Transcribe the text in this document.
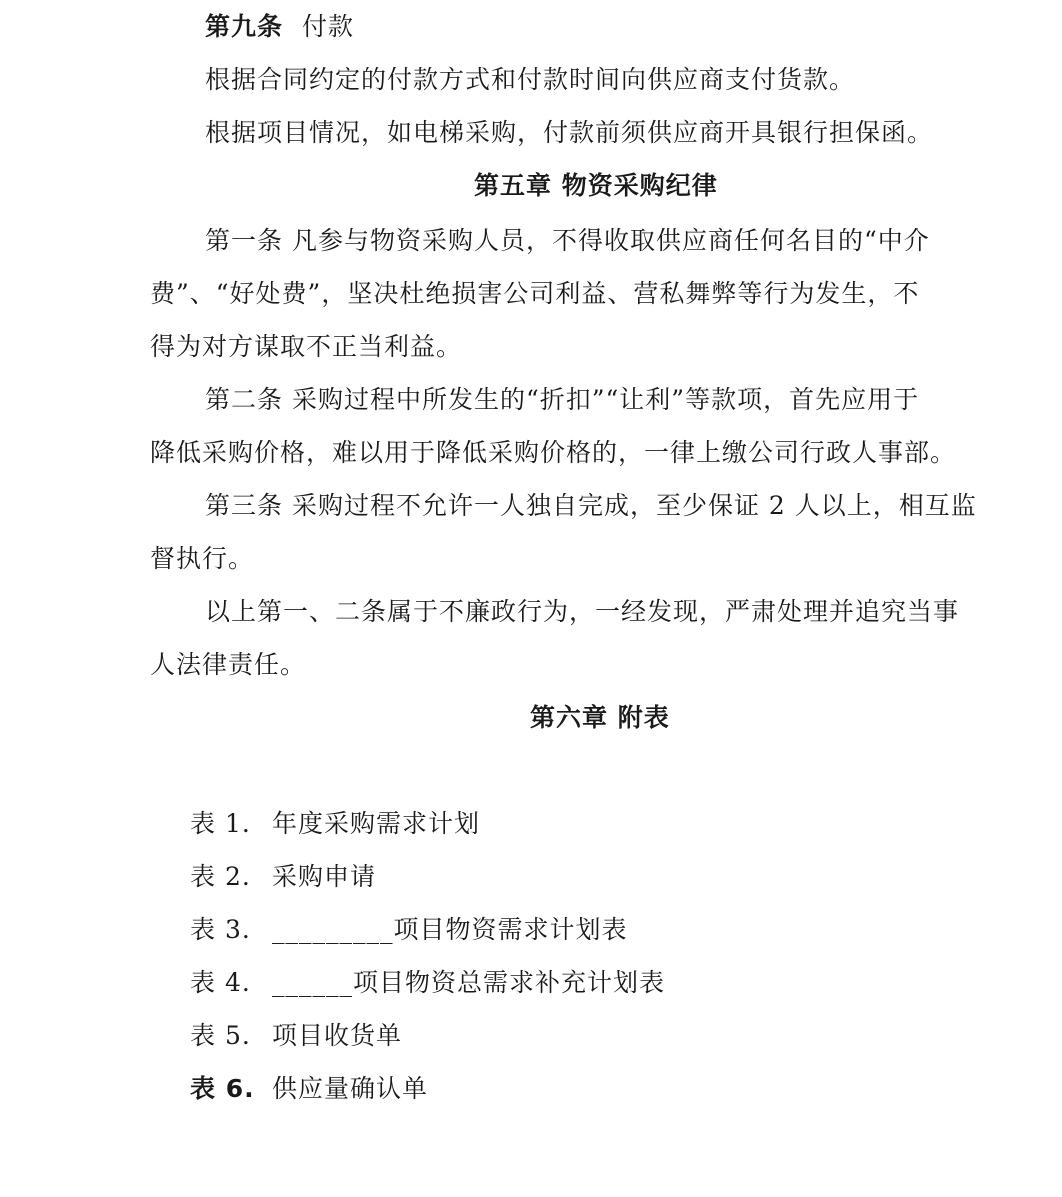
第九条 付款
根据合同约定的付款方式和付款时间向供应商支付货款。
根据项目情况，如电梯采购，付款前须供应商开具银行担保函。
第五章 物资采购纪律
第一条 凡参与物资采购人员，不得收取供应商任何名目的“中介
费”、“好处费”，坚决杜绝损害公司利益、营私舞弊等行为发生，不
得为对方谋取不正当利益。
第二条 采购过程中所发生的“折扣”“让利”等款项，首先应用于
降低采购价格，难以用于降低采购价格的，一律上缴公司行政人事部。
第三条 采购过程不允许一人独自完成，至少保证 2 人以上，相互监
督执行。
以上第一、二条属于不廉政行为，一经发现，严肃处理并追究当事
人法律责任。
第六章 附表
表 1. 年度采购需求计划
表 2. 采购申请
表 3. _________项目物资需求计划表
表 4. ______项目物资总需求补充计划表
表 5. 项目收货单
表 6. 供应量确认单
